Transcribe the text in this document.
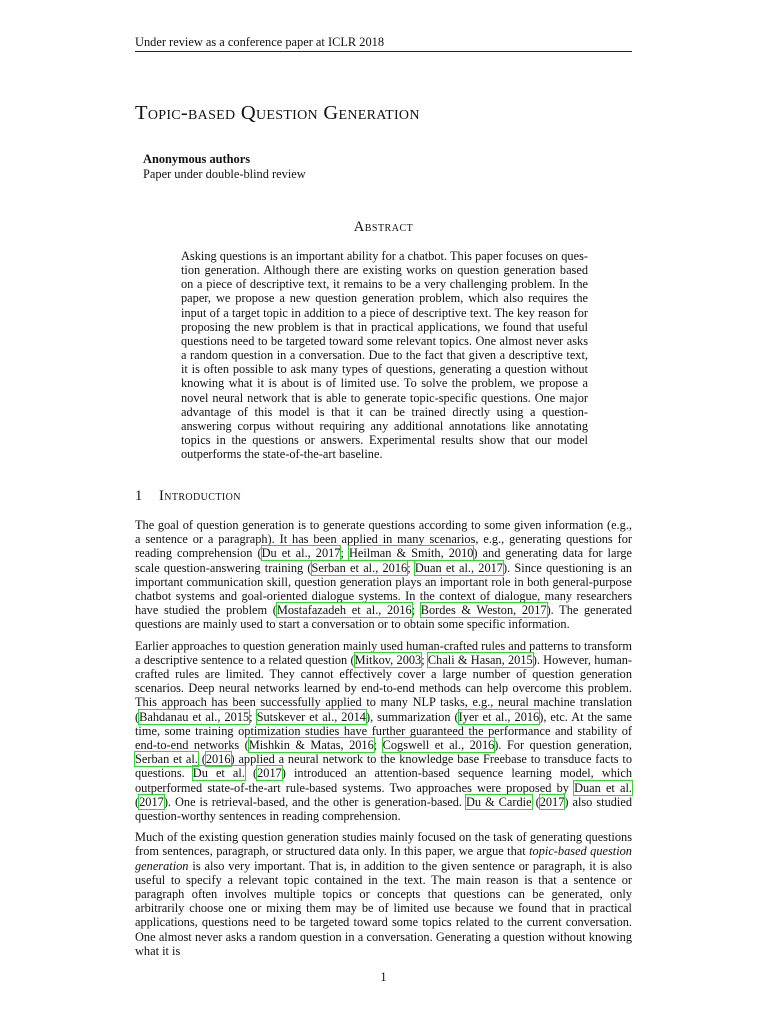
Under review as a conference paper at ICLR 2018
Topic-based Question Generation
Anonymous authors
Paper under double-blind review
Abstract
Asking questions is an important ability for a chatbot. This paper focuses on question generation. Although there are existing works on question generation based on a piece of descriptive text, it remains to be a very challenging problem. In the paper, we propose a new question generation problem, which also requires the input of a target topic in addition to a piece of descriptive text. The key reason for proposing the new problem is that in practical applications, we found that useful questions need to be targeted toward some relevant topics. One almost never asks a random question in a conversation. Due to the fact that given a descriptive text, it is often possible to ask many types of questions, generating a question without knowing what it is about is of limited use. To solve the problem, we propose a novel neural network that is able to generate topic-specific questions. One major advantage of this model is that it can be trained directly using a question-answering corpus without requiring any additional annotations like annotating topics in the questions or answers. Experimental results show that our model outperforms the state-of-the-art baseline.
1 Introduction

The goal of question generation is to generate questions according to some given information (e.g., a sentence or a paragraph). It has been applied in many scenarios, e.g., generating questions for reading comprehension (Du et al., 2017; Heilman & Smith, 2010) and generating data for large scale question-answering training (Serban et al., 2016; Duan et al., 2017). Since questioning is an important communication skill, question generation plays an important role in both general-purpose chatbot systems and goal-oriented dialogue systems. In the context of dialogue, many researchers have studied the problem (Mostafazadeh et al., 2016; Bordes & Weston, 2017). The generated questions are mainly used to start a conversation or to obtain some specific information.

Earlier approaches to question generation mainly used human-crafted rules and patterns to transform a descriptive sentence to a related question (Mitkov, 2003; Chali & Hasan, 2015). However, human-crafted rules are limited. They cannot effectively cover a large number of question generation scenarios. Deep neural networks learned by end-to-end methods can help overcome this problem. This approach has been successfully applied to many NLP tasks, e.g., neural machine translation (Bahdanau et al., 2015; Sutskever et al., 2014), summarization (Iyer et al., 2016), etc. At the same time, some training optimization studies have further guaranteed the performance and stability of end-to-end networks (Mishkin & Matas, 2016; Cogswell et al., 2016). For question generation, Serban et al. (2016) applied a neural network to the knowledge base Freebase to transduce facts to questions. Du et al. (2017) introduced an attention-based sequence learning model, which outperformed state-of-the-art rule-based systems. Two approaches were proposed by Duan et al. (2017). One is retrieval-based, and the other is generation-based. Du & Cardie (2017) also studied question-worthy sentences in reading comprehension.

Much of the existing question generation studies mainly focused on the task of generating questions from sentences, paragraph, or structured data only. In this paper, we argue that topic-based question generation is also very important. That is, in addition to the given sentence or paragraph, it is also useful to specify a relevant topic contained in the text. The main reason is that a sentence or paragraph often involves multiple topics or concepts that questions can be generated, only arbitrarily choose one or mixing them may be of limited use because we found that in practical applications, questions need to be targeted toward some topics related to the current conversation. One almost never asks a random question in a conversation. Generating a question without knowing what it is

1
